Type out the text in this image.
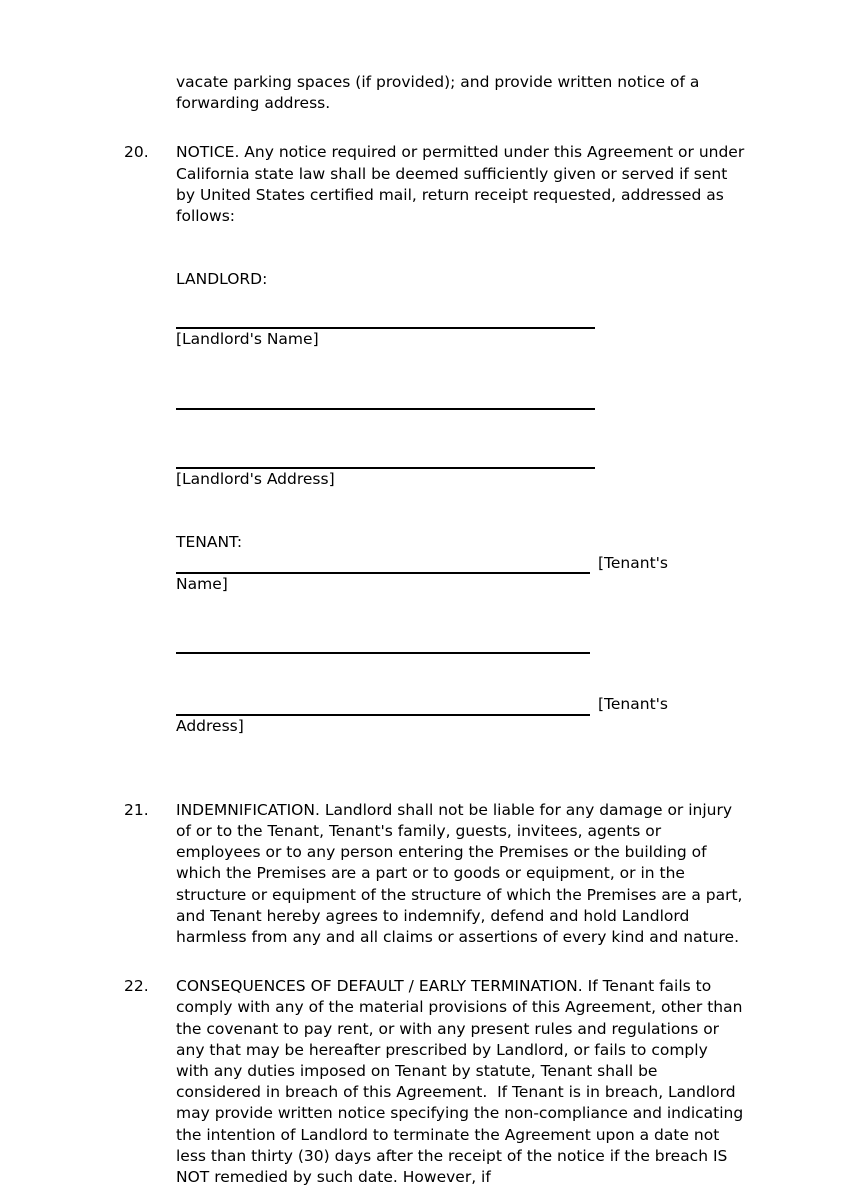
vacate parking spaces (if provided); and provide written notice of a forwarding address.

20.	NOTICE. Any notice required or permitted under this Agreement or under California state law shall be deemed sufficiently given or served if sent by United States certified mail, return receipt requested, addressed as follows:

LANDLORD:

[Landlord's Name]

[Landlord's Address]

TENANT:

[Tenant's

Name]

[Tenant's

Address]

21.	INDEMNIFICATION. Landlord shall not be liable for any damage or injury of or to the Tenant, Tenant's family, guests, invitees, agents or employees or to any person entering the Premises or the building of which the Premises are a part or to goods or equipment, or in the structure or equipment of the structure of which the Premises are a part, and Tenant hereby agrees to indemnify, defend and hold Landlord harmless from any and all claims or assertions of every kind and nature.
22.	CONSEQUENCES OF DEFAULT / EARLY TERMINATION. If Tenant fails to comply with any of the material provisions of this Agreement, other than the covenant to pay rent, or with any present rules and regulations or any that may be hereafter prescribed by Landlord, or fails to comply with any duties imposed on Tenant by statute, Tenant shall be considered in breach of this Agreement.  If Tenant is in breach, Landlord may provide written notice specifying the non-compliance and indicating the intention of Landlord to terminate the Agreement upon a date not less than thirty (30) days after the receipt of the notice if the breach IS NOT remedied by such date. However, if
